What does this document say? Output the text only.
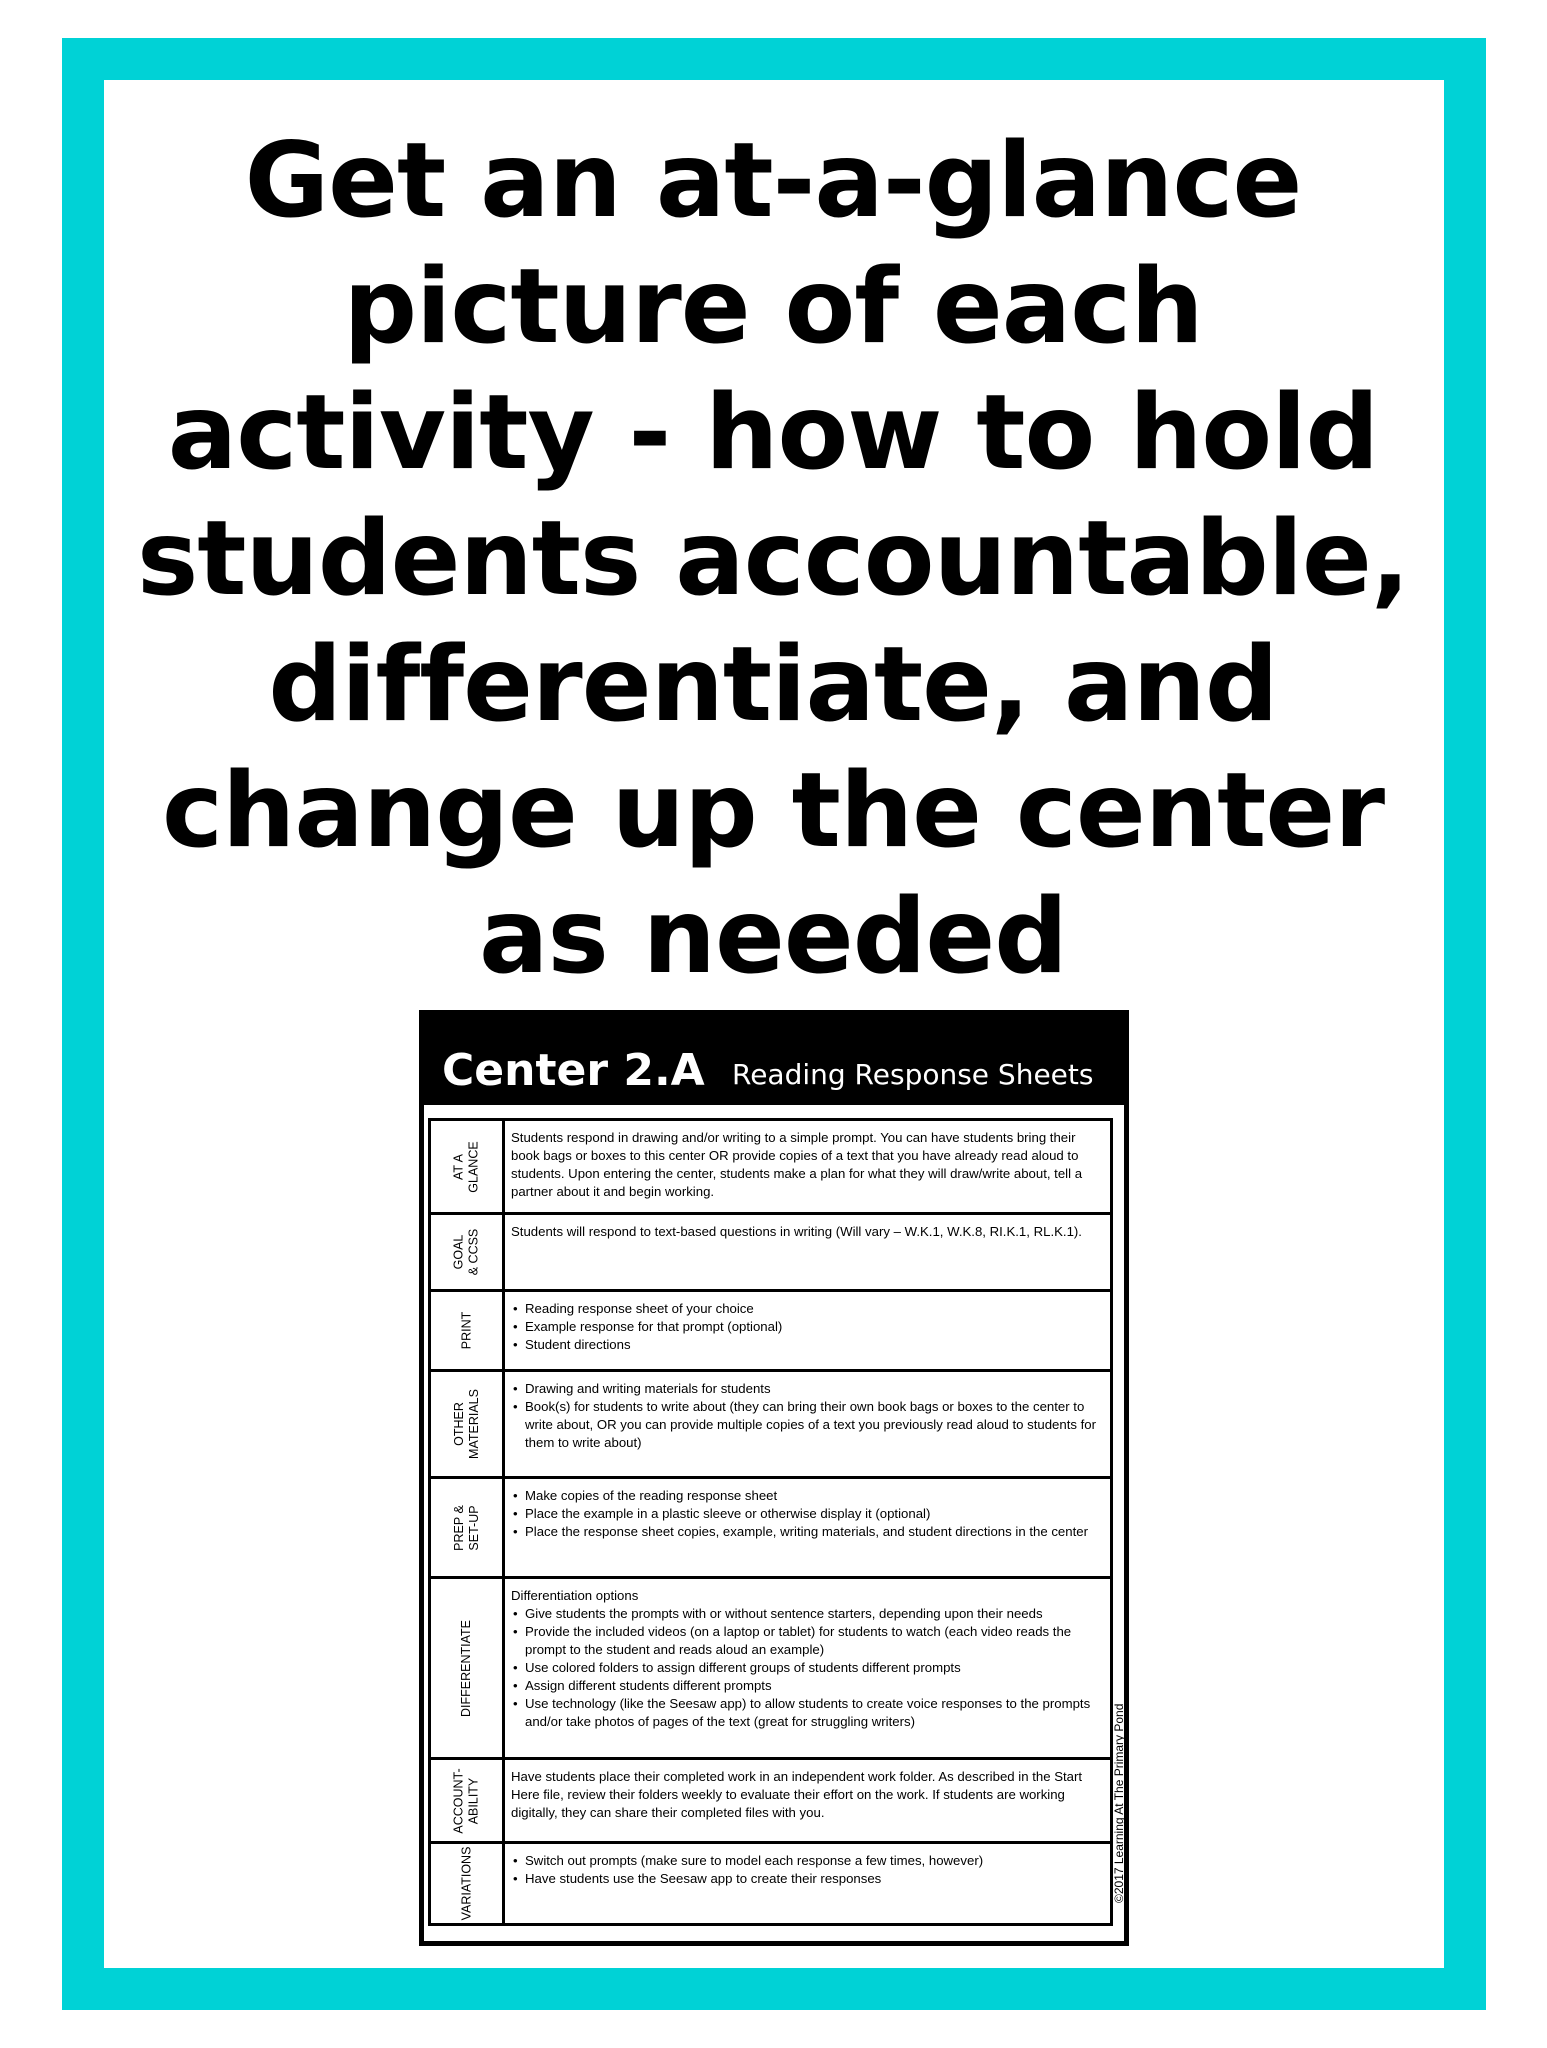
Get an at-a-glance
picture of each
activity - how to hold
students accountable,
differentiate, and
change up the center
as needed
Center 2.A Reading Response Sheets
AT A
GLANCE

Students respond in drawing and/or writing to a simple prompt. You can have students bring their book bags or boxes to this center OR provide copies of a text that you have already read aloud to students. Upon entering the center, students make a plan for what they will draw/write about, tell a partner about it and begin working.

GOAL
& CCSS Students will respond to text-based questions in writing (Will vary – W.K.1, W.K.8, RI.K.1, RL.K.1).

PRINT
• Reading response sheet of your choice
• Example response for that prompt (optional)
• Student directions
OTHER
MATERIALS
• Drawing and writing materials for students
• Book(s) for students to write about (they can bring their own book bags or boxes to the center to write about, OR you can provide multiple copies of a text you previously read aloud to students for them to write about)
PREP &
SET-UP
• Make copies of the reading response sheet
• Place the example in a plastic sleeve or otherwise display it (optional)
• Place the response sheet copies, example, writing materials, and student directions in the center
DIFFERENTIATE

Differentiation options

• Give students the prompts with or without sentence starters, depending upon their needs
• Provide the included videos (on a laptop or tablet) for students to watch (each video reads the prompt to the student and reads aloud an example)
• Use colored folders to assign different groups of students different prompts
• Assign different students different prompts
• Use technology (like the Seesaw app) to allow students to create voice responses to the prompts and/or take photos of pages of the text (great for struggling writers)
ACCOUNT-
ABILITY

Have students place their completed work in an independent work folder. As described in the Start Here file, review their folders weekly to evaluate their effort on the work. If students are working digitally, they can share their completed files with you.

VARIATIONS
•	Switch out prompts (make sure to model each response a few times, however)
• Have students use the Seesaw app to create their responses	©2017 Learning At The Primary Pond
